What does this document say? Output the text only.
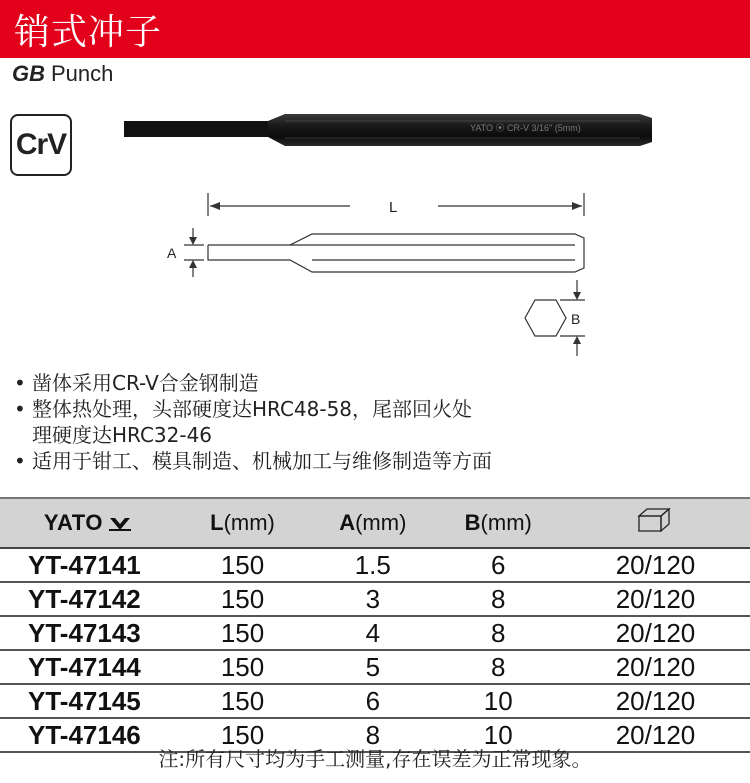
销式冲子
GB Punch
CrV	YATO ⦿ CR-V 3/16" (5mm)
L
A
B
• 凿体采用CR-V合金钢制造
• 整体热处理，头部硬度达HRC48-58，尾部回火处
理硬度达HRC32-46
• 适用于钳工、模具制造、机械加工与维修制造等方面
YATO	L(mm)	A(mm)	B(mm)	
YT-47141	150	1.5	6	20/120
YT-47142	150	3	8	20/120
YT-47143	150	4	8	20/120
YT-47144	150	5	8	20/120
YT-47145	150	6	10	20/120
YT-47146	150	8	10	20/120
注:所有尺寸均为手工测量,存在误差为正常现象。
